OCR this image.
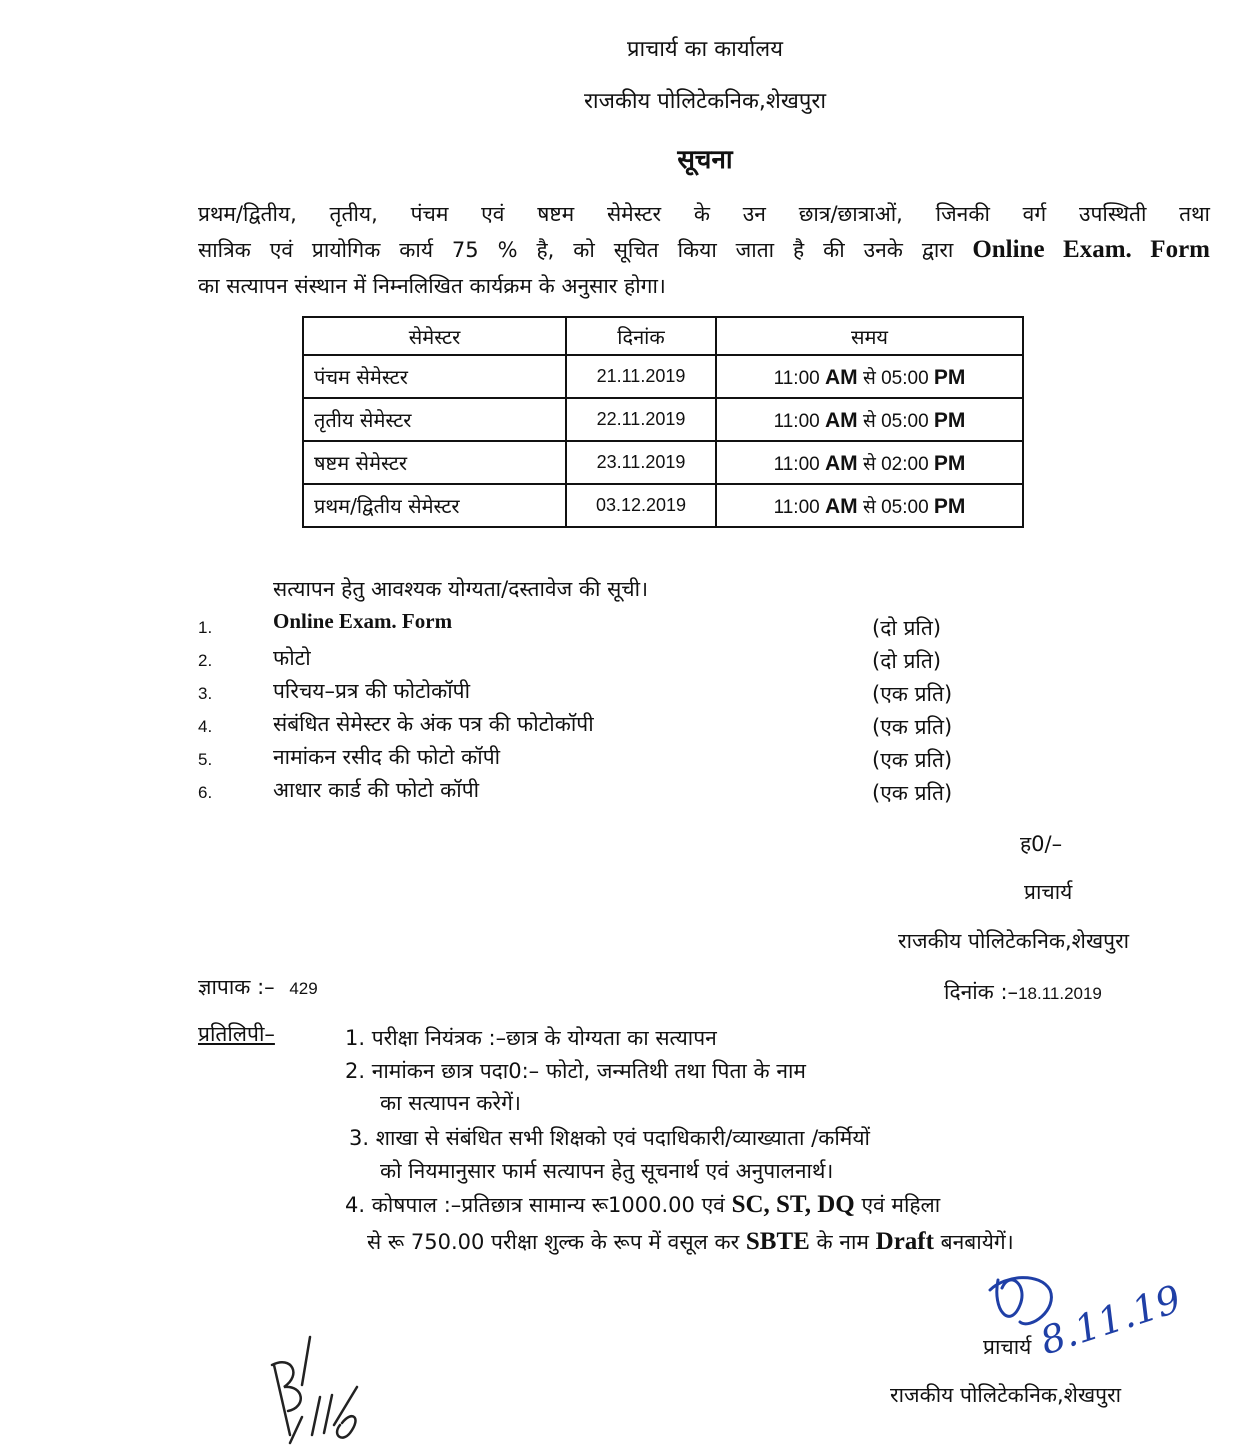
प्राचार्य का कार्यालय
राजकीय पोलिटेकनिक,शेखपुरा
सूचना
प्रथम/द्वितीय, तृतीय, पंचम एवं षष्टम सेमेस्टर के उन छात्र/छात्राओं, जिनकी वर्ग उपस्थिती तथा
सात्रिक एवं प्रायोगिक कार्य 75 % है, को सूचित किया जाता है की उनके द्वारा Online Exam. Form
का सत्यापन संस्थान में निम्नलिखित कार्यक्रम के अनुसार होगा।
सेमेस्टर	दिनांक	समय
पंचम सेमेस्टर	21.11.2019	11:00 AM से 05:00 PM
तृतीय सेमेस्टर	22.11.2019	11:00 AM से 05:00 PM
षष्टम सेमेस्टर	23.11.2019	11:00 AM से 02:00 PM
प्रथम/द्वितीय सेमेस्टर	03.12.2019	11:00 AM से 05:00 PM
सत्यापन हेतु आवश्यक योग्यता/दस्तावेज की सूची।
1.	Online Exam. Form	(दो प्रति)
2.	फोटो	(दो प्रति)
3.	परिचय–प्रत्र की फोटोकॉपी	(एक प्रति)
4.	संबंधित सेमेस्टर के अंक पत्र की फोटोकॉपी	(एक प्रति)
5.	नामांकन रसीद की फोटो कॉपी	(एक प्रति)
6.	आधार कार्ड की फोटो कॉपी	(एक प्रति)
ह0/–
प्राचार्य
राजकीय पोलिटेकनिक,शेखपुरा
ज्ञापाक :– 429	दिनांक :–18.11.2019
प्रतिलिपी–	1. परीक्षा नियंत्रक :–छात्र के योग्यता का सत्यापन
2. नामांकन छात्र पदा0:– फोटो, जन्मतिथी तथा पिता के नाम
का सत्यापन करेगें।
3. शाखा से संबंधित सभी शिक्षको एवं पदाधिकारी/व्याख्याता /कर्मियों
को नियमानुसार फार्म सत्यापन हेतु सूचनार्थ एवं अनुपालनार्थ।
4. कोषपाल :–प्रतिछात्र सामान्य रू1000.00 एवं SC, ST, DQ एवं महिला
से रू 750.00 परीक्षा शुल्क के रूप में वसूल कर SBTE के नाम Draft बनबायेगें।
प्राचार्य 8.11.19
राजकीय पोलिटेकनिक,शेखपुरा
